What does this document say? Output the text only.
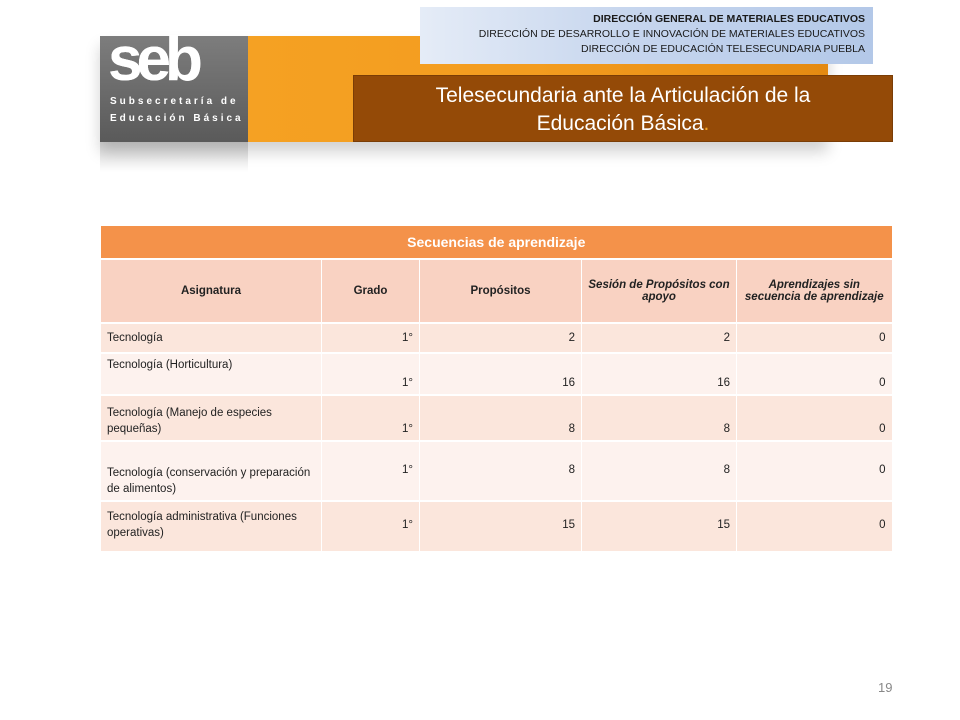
seb
Subsecretaría de
Educación Básica
DIRECCIÓN GENERAL DE MATERIALES EDUCATIVOS
DIRECCIÓN DE DESARROLLO E INNOVACIÓN DE MATERIALES EDUCATIVOS
DIRECCIÓN DE EDUCACIÓN TELESECUNDARIA PUEBLA
Telesecundaria ante la Articulación de la
Educación Básica.
Secuencias de aprendizaje				
Asignatura	Grado	Propósitos	Sesión de Propósitos con apoyo	Aprendizajes sin secuencia de aprendizaje
Tecnología	1°	2	2	0
Tecnología (Horticultura)	1°	16	16	0
Tecnología (Manejo de especies pequeñas)	1°	8	8	0
Tecnología (conservación y preparación de alimentos)	1°	8	8	0
Tecnología administrativa (Funciones operativas)	1°	15	15	0
19
